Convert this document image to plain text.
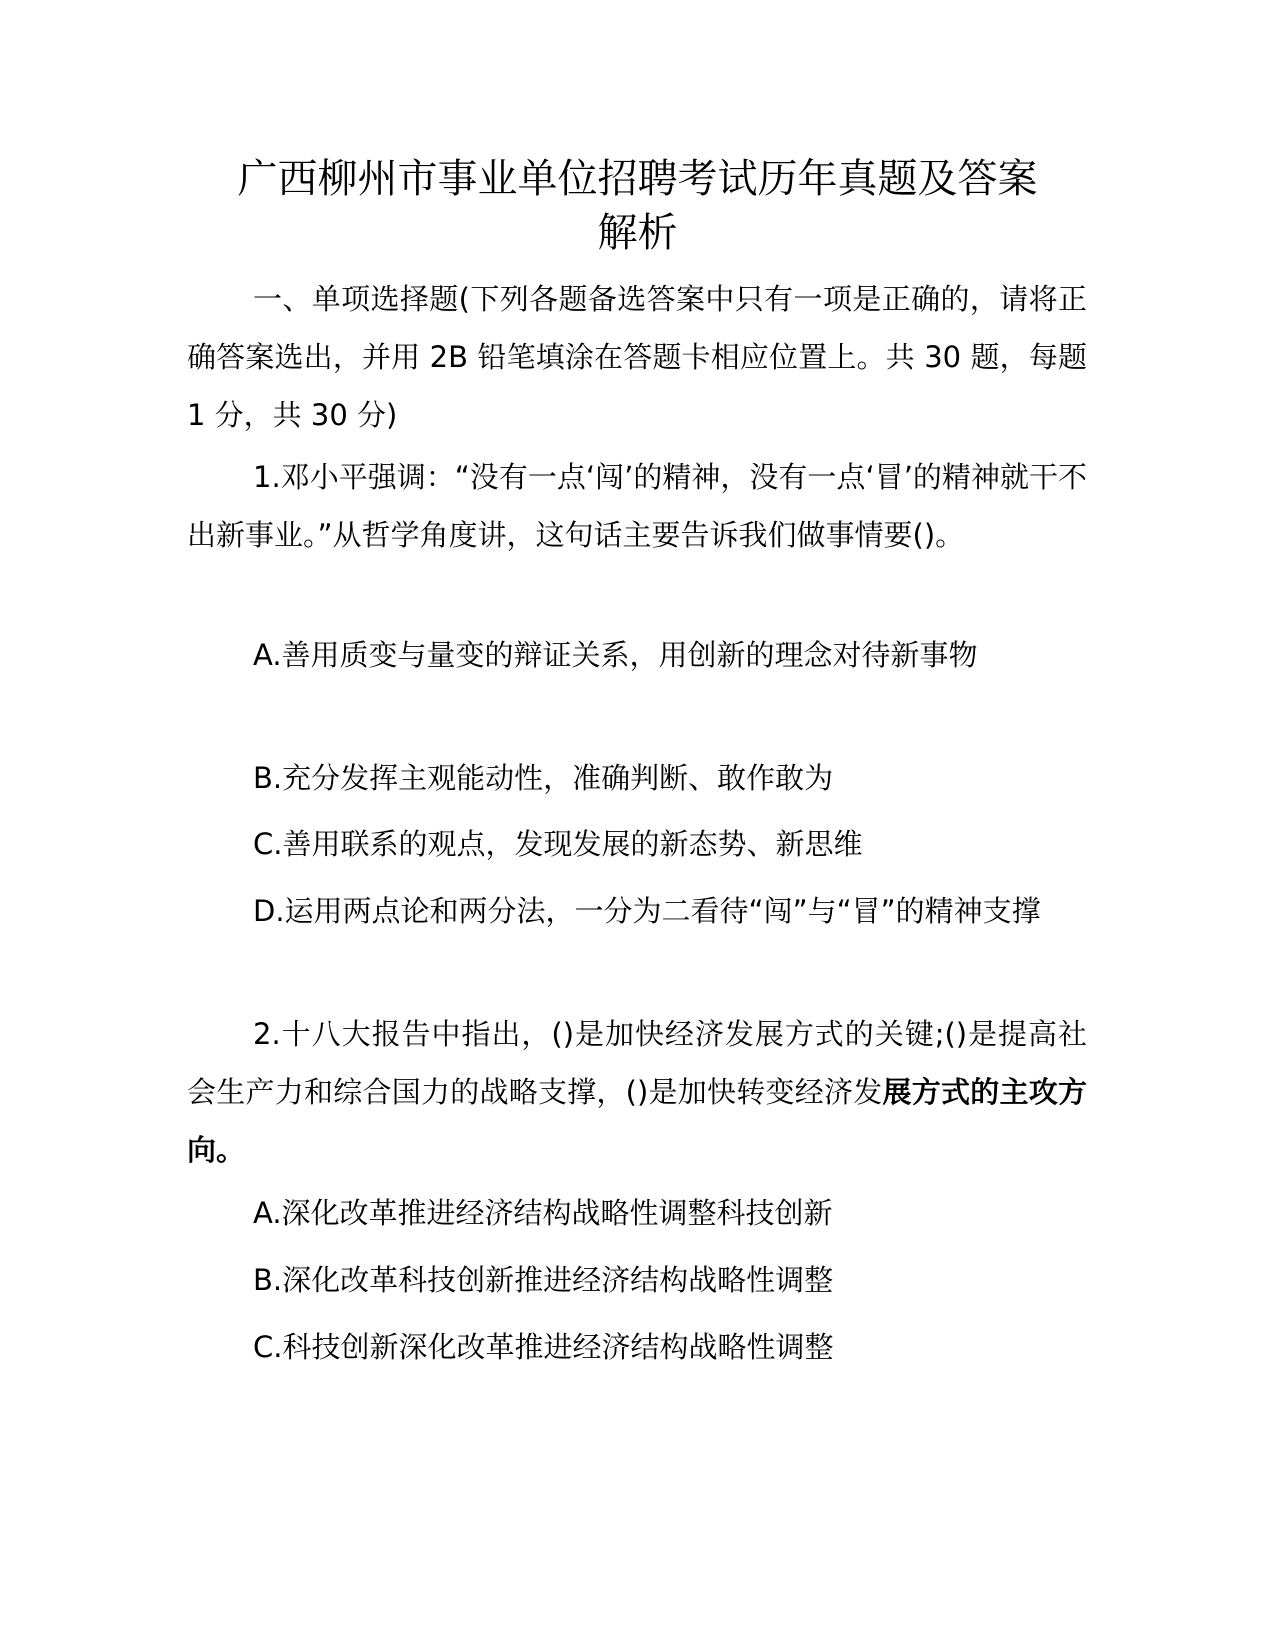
广西柳州市事业单位招聘考试历年真题及答案
解析

一、单项选择题(下列各题备选答案中只有一项是正确的，请将正确答案选出，并用 2B 铅笔填涂在答题卡相应位置上。共 30 题，每题 1 分，共 30 分)

1.邓小平强调：“没有一点‘闯’的精神，没有一点‘冒’的精神就干不出新事业。”从哲学角度讲，这句话主要告诉我们做事情要()。

A.善用质变与量变的辩证关系，用创新的理念对待新事物

B.充分发挥主观能动性，准确判断、敢作敢为

C.善用联系的观点，发现发展的新态势、新思维

D.运用两点论和两分法，一分为二看待“闯”与“冒”的精神支撑

2.十八大报告中指出，()是加快经济发展方式的关键;()是提高社会生产力和综合国力的战略支撑，()是加快转变经济发展方式的主攻方向。

A.深化改革推进经济结构战略性调整科技创新

B.深化改革科技创新推进经济结构战略性调整

C.科技创新深化改革推进经济结构战略性调整
